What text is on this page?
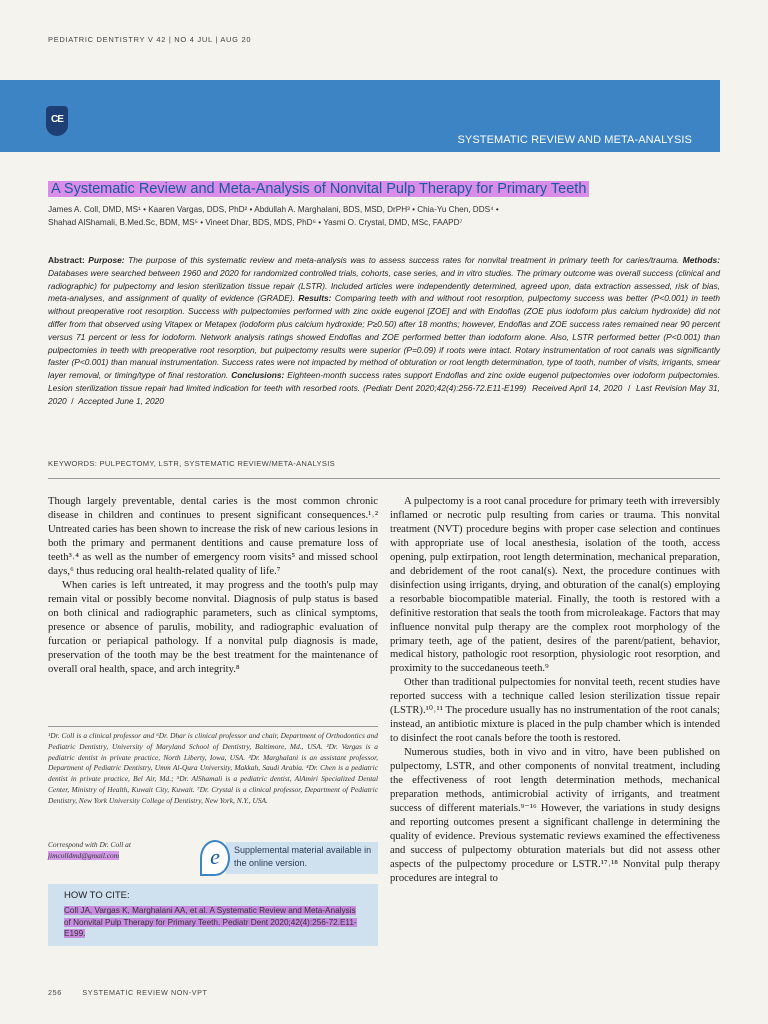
PEDIATRIC DENTISTRY V 42 | NO 4 JUL | AUG 20
CE
SYSTEMATIC REVIEW AND META-ANALYSIS
A Systematic Review and Meta-Analysis of Nonvital Pulp Therapy for Primary Teeth
James A. Coll, DMD, MS¹ • Kaaren Vargas, DDS, PhD² • Abdullah A. Marghalani, BDS, MSD, DrPH³ • Chia-Yu Chen, DDS⁴ •
Shahad AlShamali, B.Med.Sc, BDM, MS⁵ • Vineet Dhar, BDS, MDS, PhD⁶ • Yasmi O. Crystal, DMD, MSc, FAAPD⁷
Abstract: Purpose: The purpose of this systematic review and meta-analysis was to assess success rates for nonvital treatment in primary teeth for caries/trauma. Methods: Databases were searched between 1960 and 2020 for randomized controlled trials, cohorts, case series, and in vitro studies. The primary outcome was overall success (clinical and radiographic) for pulpectomy and lesion sterilization tissue repair (LSTR). Included articles were independently determined, agreed upon, data extraction assessed, risk of bias, meta-analyses, and assignment of quality of evidence (GRADE). Results: Comparing teeth with and without root resorption, pulpectomy success was better (P<0.001) in teeth without preoperative root resorption. Success with pulpectomies performed with zinc oxide eugenol [ZOE] and with Endoflas (ZOE plus iodoform plus calcium hydroxide) did not differ from that observed using Vitapex or Metapex (iodoform plus calcium hydroxide; P≥0.50) after 18 months; however, Endoflas and ZOE success rates remained near 90 percent versus 71 percent or less for iodoform. Network analysis ratings showed Endoflas and ZOE performed better than iodoform alone. Also, LSTR performed better (P<0.001) than pulpectomies in teeth with preoperative root resorption, but pulpectomy results were superior (P=0.09) if roots were intact. Rotary instrumentation of root canals was significantly faster (P<0.001) than manual instrumentation. Success rates were not impacted by method of obturation or root length determination, type of tooth, number of visits, irrigants, smear layer removal, or timing/type of final restoration. Conclusions: Eighteen-month success rates support Endoflas and zinc oxide eugenol pulpectomies over iodoform pulpectomies. Lesion sterilization tissue repair had limited indication for teeth with resorbed roots. (Pediatr Dent 2020;42(4):256-72.E11-E199) Received April 14, 2020  /  Last Revision May 31, 2020  /  Accepted June 1, 2020
KEYWORDS: PULPECTOMY, LSTR, SYSTEMATIC REVIEW/META-ANALYSIS

Though largely preventable, dental caries is the most common chronic disease in children and continues to present significant consequences.¹˒² Untreated caries has been shown to increase the risk of new carious lesions in both the primary and permanent dentitions and cause premature loss of teeth³˒⁴ as well as the number of emergency room visits⁵ and missed school days,⁶ thus reducing oral health-related quality of life.⁷

When caries is left untreated, it may progress and the tooth's pulp may remain vital or possibly become nonvital. Diagnosis of pulp status is based on both clinical and radiographic parameters, such as clinical symptoms, presence or absence of parulis, mobility, and radiographic evaluation of furcation or periapical pathology. If a nonvital pulp diagnosis is made, preservation of the tooth may be the best treatment for the maintenance of overall oral health, space, and arch integrity.⁸

¹Dr. Coll is a clinical professor and ⁶Dr. Dhar is clinical professor and chair, Department of Orthodontics and Pediatric Dentistry, University of Maryland School of Dentistry, Baltimore, Md., USA. ²Dr. Vargas is a pediatric dentist in private practice, North Liberty, Iowa, USA. ³Dr. Marghalani is an assistant professor, Department of Pediatric Dentistry, Umm Al-Qura University, Makkah, Saudi Arabia. ⁴Dr. Chen is a pediatric dentist in private practice, Bel Air, Md.; ⁵Dr. AlShamali is a pediatric dentist, AlAmiri Specialized Dental Center, Ministry of Health, Kuwait City, Kuwait. ⁷Dr. Crystal is a clinical professor, Department of Pediatric Dentistry, New York University College of Dentistry, New York, N.Y., USA.
Correspond with Dr. Coll at
jimcolldmd@gmail.com
Supplemental material available in the online version.
e
HOW TO CITE:
Coll JA, Vargas K, Marghalani AA, et al. A Systematic Review and Meta-Analysis of Nonvital Pulp Therapy for Primary Teeth. Pediatr Dent 2020;42(4):256-72.E11-E199.

A pulpectomy is a root canal procedure for primary teeth with irreversibly inflamed or necrotic pulp resulting from caries or trauma. This nonvital treatment (NVT) procedure begins with proper case selection and continues with appropriate use of local anesthesia, isolation of the tooth, access opening, pulp extirpation, root length determination, mechanical preparation, and debridement of the root canal(s). Next, the procedure continues with disinfection using irrigants, drying, and obturation of the canal(s) employing a resorbable biocompatible material. Finally, the tooth is restored with a definitive restoration that seals the tooth from microleakage. Factors that may influence nonvital pulp therapy are the complex root morphology of the primary teeth, age of the patient, desires of the parent/patient, behavior, medical history, pathologic root resorption, physiologic root resorption, and proximity to the succedaneous teeth.⁹

Other than traditional pulpectomies for nonvital teeth, recent studies have reported success with a technique called lesion sterilization tissue repair (LSTR).¹⁰˒¹¹ The procedure usually has no instrumentation of the root canals; instead, an antibiotic mixture is placed in the pulp chamber which is intended to disinfect the root canals before the tooth is restored.

Numerous studies, both in vivo and in vitro, have been published on pulpectomy, LSTR, and other components of nonvital treatment, including the effectiveness of root length determination methods, mechanical preparation methods, antimicrobial activity of irrigants, and treatment success of different materials.⁹⁻¹⁶ However, the variations in study designs and reporting outcomes present a significant challenge in determining the quality of evidence. Previous systematic reviews examined the effectiveness and success of pulpectomy obturation materials but did not assess other aspects of the pulpectomy procedure or LSTR.¹⁷˒¹⁸ Nonvital pulp therapy procedures are integral to

256	SYSTEMATIC REVIEW NON-VPT
